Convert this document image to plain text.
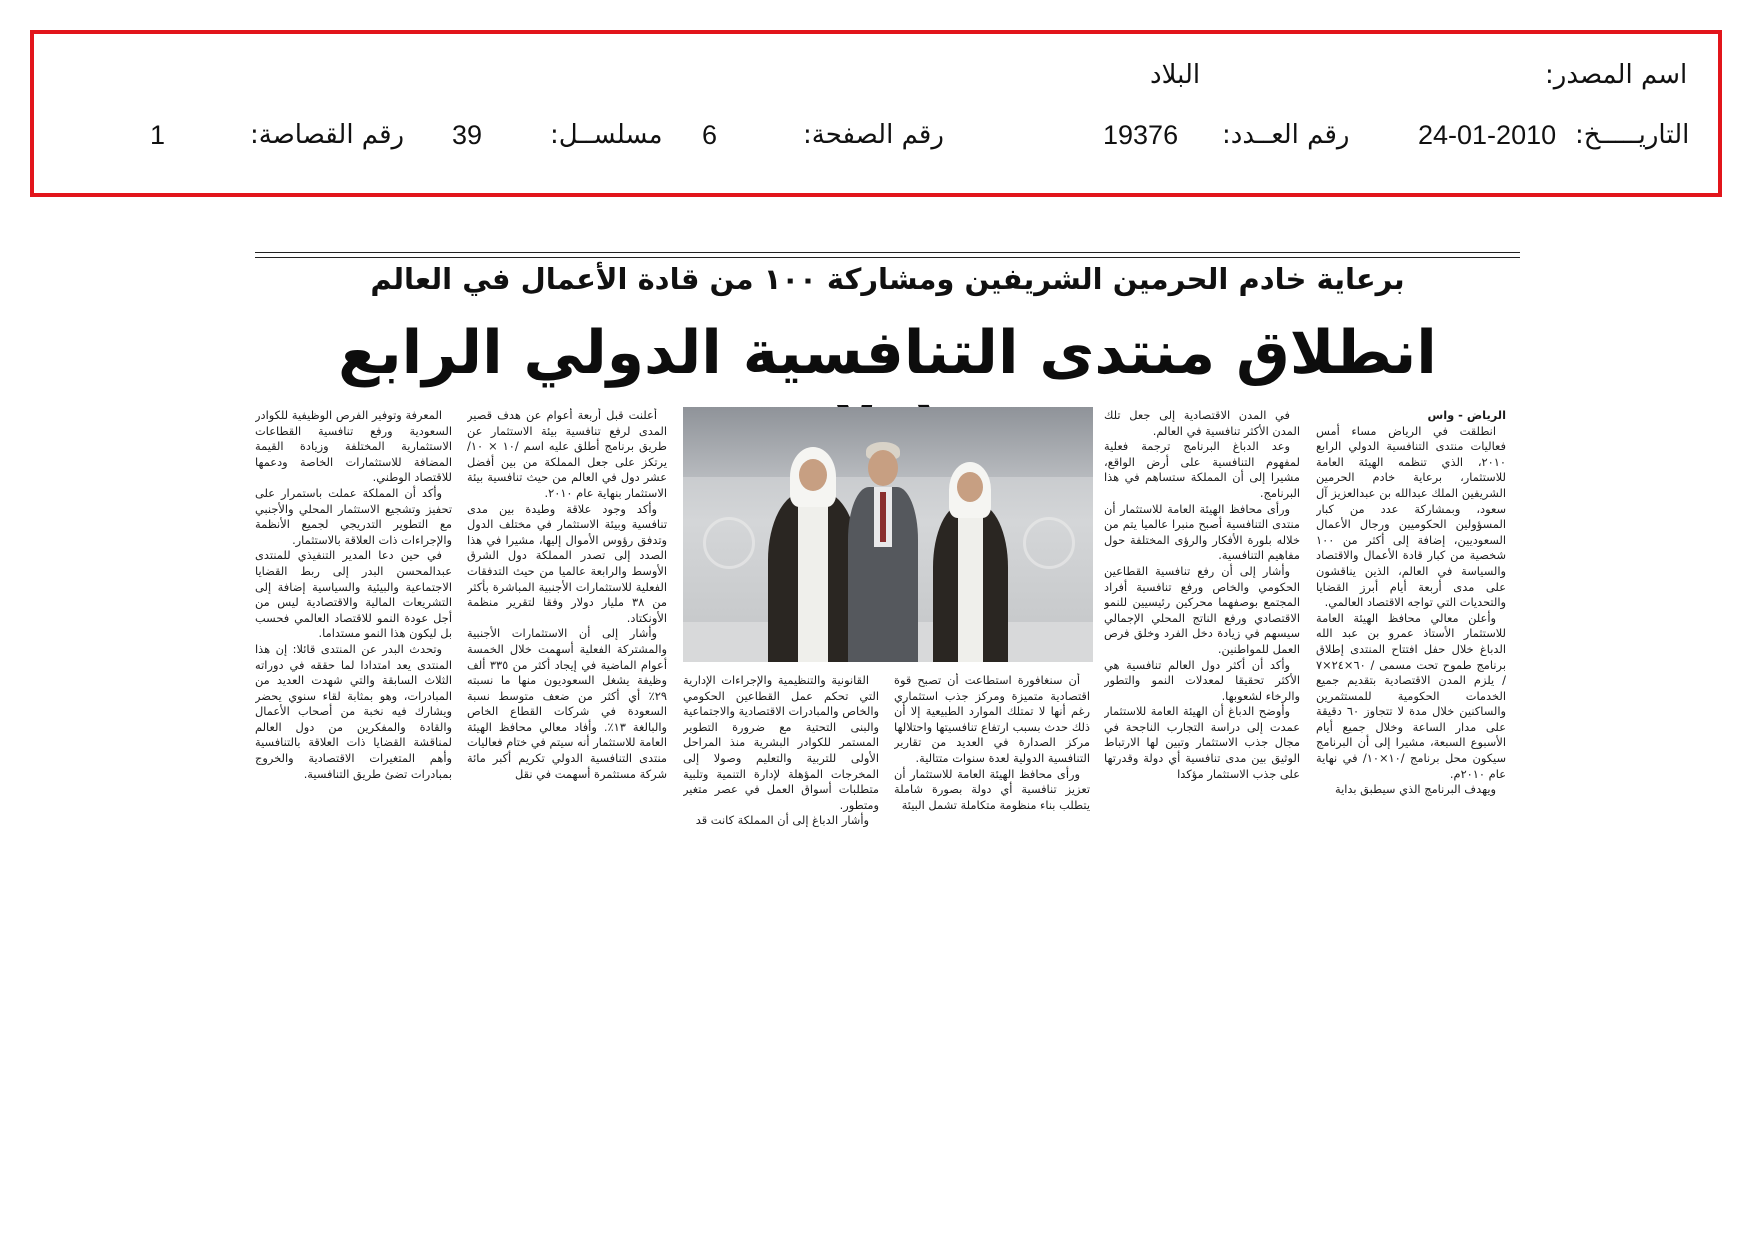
اسم المصدر:
البلاد
التاريـــــخ:
24-01-2010
رقم العــدد:
19376
رقم الصفحة:
6
مسلســل:
39
رقم القصاصة:
1
برعاية خادم الحرمين الشريفين ومشاركة ١٠٠ من قادة الأعمال في العالم
انطلاق منتدى التنافسية الدولي الرابع

الرياض - واس

انطلقت في الرياض مساء أمس فعاليات منتدى التنافسية الدولي الرابع ٢٠١٠، الذي تنظمه الهيئة العامة للاستثمار، برعاية خادم الحرمين الشريفين الملك عبدالله بن عبدالعزيز آل سعود، وبمشاركة عدد من كبار المسؤولين الحكوميين ورجال الأعمال السعوديين، إضافة إلى أكثر من ١٠٠ شخصية من كبار قادة الأعمال والاقتصاد والسياسة في العالم، الذين يناقشون على مدى أربعة أيام أبرز القضايا والتحديات التي تواجه الاقتصاد العالمي.

وأعلن معالي محافظ الهيئة العامة للاستثمار الأستاذ عمرو بن عبد الله الدباغ خلال حفل افتتاح المنتدى إطلاق برنامج طموح تحت مسمى / ٦٠×٢٤×٧ / يلزم المدن الاقتصادية بتقديم جميع الخدمات الحكومية للمستثمرين والساكنين خلال مدة لا تتجاوز ٦٠ دقيقة على مدار الساعة وخلال جميع أيام الأسبوع السبعة، مشيرا إلى أن البرنامج سيكون محل برنامج /١٠×١٠/ في نهاية عام ٢٠١٠م.

ويهدف البرنامج الذي سيطبق بداية

في المدن الاقتصادية إلى جعل تلك المدن الأكثر تنافسية في العالم.

وعد الدباغ البرنامج ترجمة فعلية لمفهوم التنافسية على أرض الواقع، مشيرا إلى أن المملكة ستساهم في هذا البرنامج.

ورأى محافظ الهيئة العامة للاستثمار أن منتدى التنافسية أصبح منبرا عالميا يتم من خلاله بلورة الأفكار والرؤى المختلفة حول مفاهيم التنافسية.

وأشار إلى أن رفع تنافسية القطاعين الحكومي والخاص ورفع تنافسية أفراد المجتمع بوصفهما محركين رئيسيين للنمو الاقتصادي ورفع الناتج المحلي الإجمالي سيسهم في زيادة دخل الفرد وخلق فرص العمل للمواطنين.

وأكد أن أكثر دول العالم تنافسية هي الأكثر تحقيقا لمعدلات النمو والتطور والرخاء لشعوبها.

وأوضح الدباغ أن الهيئة العامة للاستثمار عمدت إلى دراسة التجارب الناجحة في مجال جذب الاستثمار وتبين لها الارتباط الوثيق بين مدى تنافسية أي دولة وقدرتها على جذب الاستثمار مؤكدا

أن سنغافورة استطاعت أن تصبح قوة اقتصادية متميزة ومركز جذب استثماري رغم أنها لا تمتلك الموارد الطبيعية إلا أن ذلك حدث بسبب ارتفاع تنافسيتها واحتلالها مركز الصدارة في العديد من تقارير التنافسية الدولية لعدة سنوات متتالية.

ورأى محافظ الهيئة العامة للاستثمار أن تعزيز تنافسية أي دولة بصورة شاملة يتطلب بناء منظومة متكاملة تشمل البيئة

القانونية والتنظيمية والإجراءات الإدارية التي تحكم عمل القطاعين الحكومي والخاص والمبادرات الاقتصادية والاجتماعية والبنى التحتية مع ضرورة التطوير المستمر للكوادر البشرية منذ المراحل الأولى للتربية والتعليم وصولا إلى المخرجات المؤهلة لإدارة التنمية وتلبية متطلبات أسواق العمل في عصر متغير ومتطور.

وأشار الدباغ إلى أن المملكة كانت قد

أعلنت قبل أربعة أعوام عن هدف قصير المدى لرفع تنافسية بيئة الاستثمار عن طريق برنامج أطلق عليه اسم /١٠ × ١٠/ يرتكز على جعل المملكة من بين أفضل عشر دول في العالم من حيث تنافسية بيئة الاستثمار بنهاية عام ٢٠١٠.

وأكد وجود علاقة وطيدة بين مدى تنافسية وبيئة الاستثمار في مختلف الدول وتدفق رؤوس الأموال إليها، مشيرا في هذا الصدد إلى تصدر المملكة دول الشرق الأوسط والرابعة عالميا من حيث التدفقات الفعلية للاستثمارات الأجنبية المباشرة بأكثر من ٣٨ مليار دولار وفقا لتقرير منظمة الأونكتاد.

وأشار إلى أن الاستثمارات الأجنبية والمشتركة الفعلية أسهمت خلال الخمسة أعوام الماضية في إيجاد أكثر من ٣٣٥ ألف وظيفة يشغل السعوديون منها ما نسبته ٢٩٪ أي أكثر من ضعف متوسط نسبة السعودة في شركات القطاع الخاص والبالغة ١٣٪. وأفاد معالي محافظ الهيئة العامة للاستثمار أنه سيتم في ختام فعاليات منتدى التنافسية الدولي تكريم أكبر مائة شركة مستثمرة أسهمت في نقل

المعرفة وتوفير الفرص الوظيفية للكوادر السعودية ورفع تنافسية القطاعات الاستثمارية المختلفة وزيادة القيمة المضافة للاستثمارات الخاصة ودعمها للاقتصاد الوطني.

وأكد أن المملكة عملت باستمرار على تحفيز وتشجيع الاستثمار المحلي والأجنبي مع التطوير التدريجي لجميع الأنظمة والإجراءات ذات العلاقة بالاستثمار.

في حين دعا المدير التنفيذي للمنتدى عبدالمحسن البدر إلى ربط القضايا الاجتماعية والبيئية والسياسية إضافة إلى التشريعات المالية والاقتصادية ليس من أجل عودة النمو للاقتصاد العالمي فحسب بل ليكون هذا النمو مستداما.

وتحدث البدر عن المنتدى قائلا: إن هذا المنتدى يعد امتدادا لما حققه في دوراته الثلاث السابقة والتي شهدت العديد من المبادرات، وهو بمثابة لقاء سنوي يحضر ويشارك فيه نخبة من أصحاب الأعمال والقادة والمفكرين من دول العالم لمناقشة القضايا ذات العلاقة بالتنافسية وأهم المتغيرات الاقتصادية والخروج بمبادرات تضئ طريق التنافسية.
